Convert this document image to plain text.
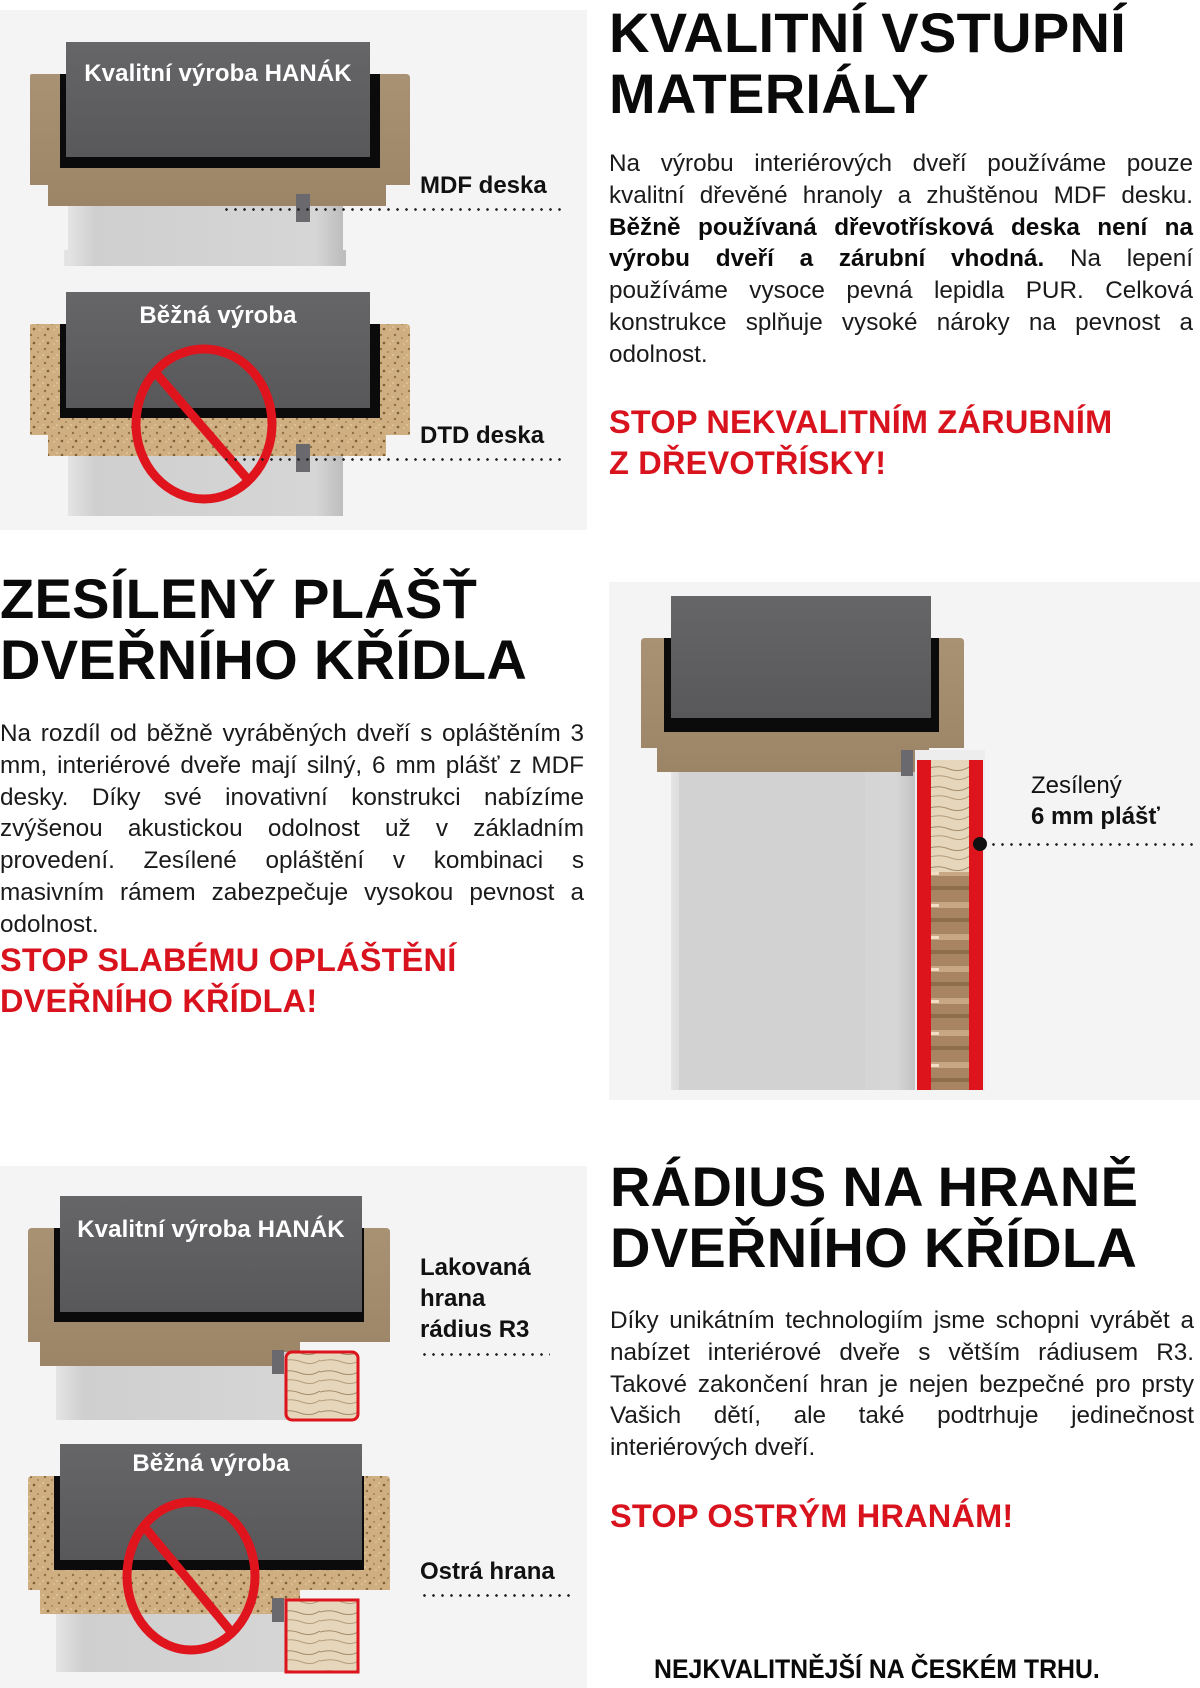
Kvalitní výroba HANÁK
Běžná výroba
MDF deska
DTD deska
KVALITNÍ VSTUPNÍ
MATERIÁLY
Na výrobu interiérových dveří používáme pouze kvalitní dřevěné hranoly a zhuštěnou MDF desku. Běžně používaná dřevotřísková deska není na výrobu dveří a zárubní vhodná. Na lepení používáme vysoce pevná lepidla PUR. Celková konstrukce splňuje vysoké nároky na pevnost a odolnost.
STOP NEKVALITNÍM ZÁRUBNÍM
Z DŘEVOTŘÍSKY!
ZESÍLENÝ PLÁŠŤ
DVEŘNÍHO KŘÍDLA
Na rozdíl od běžně vyráběných dveří s opláštěním 3 mm, interiérové dveře mají silný, 6 mm plášť z MDF desky. Díky své inovativní konstrukci nabízíme zvýšenou akustickou odolnost už v základním provedení. Zesílené opláštění v kombinaci s masivním rámem zabezpečuje vysokou pevnost a odolnost.
STOP SLABÉMU OPLÁŠTĚNÍ
DVEŘNÍHO KŘÍDLA!
Zesílený
6 mm plášť
Kvalitní výroba HANÁK
Běžná výroba
Lakovaná
hrana
rádius R3
Ostrá hrana
RÁDIUS NA HRANĚ
DVEŘNÍHO KŘÍDLA
Díky unikátním technologiím jsme schopni vyrábět a nabízet interiérové dveře s větším rádiusem R3. Takové zakončení hran je nejen bezpečné pro prsty Vašich dětí, ale také podtrhuje jedinečnost interiérových dveří.
STOP OSTRÝM HRANÁM!
NEJKVALITNĚJŠÍ NA ČESKÉM TRHU.
